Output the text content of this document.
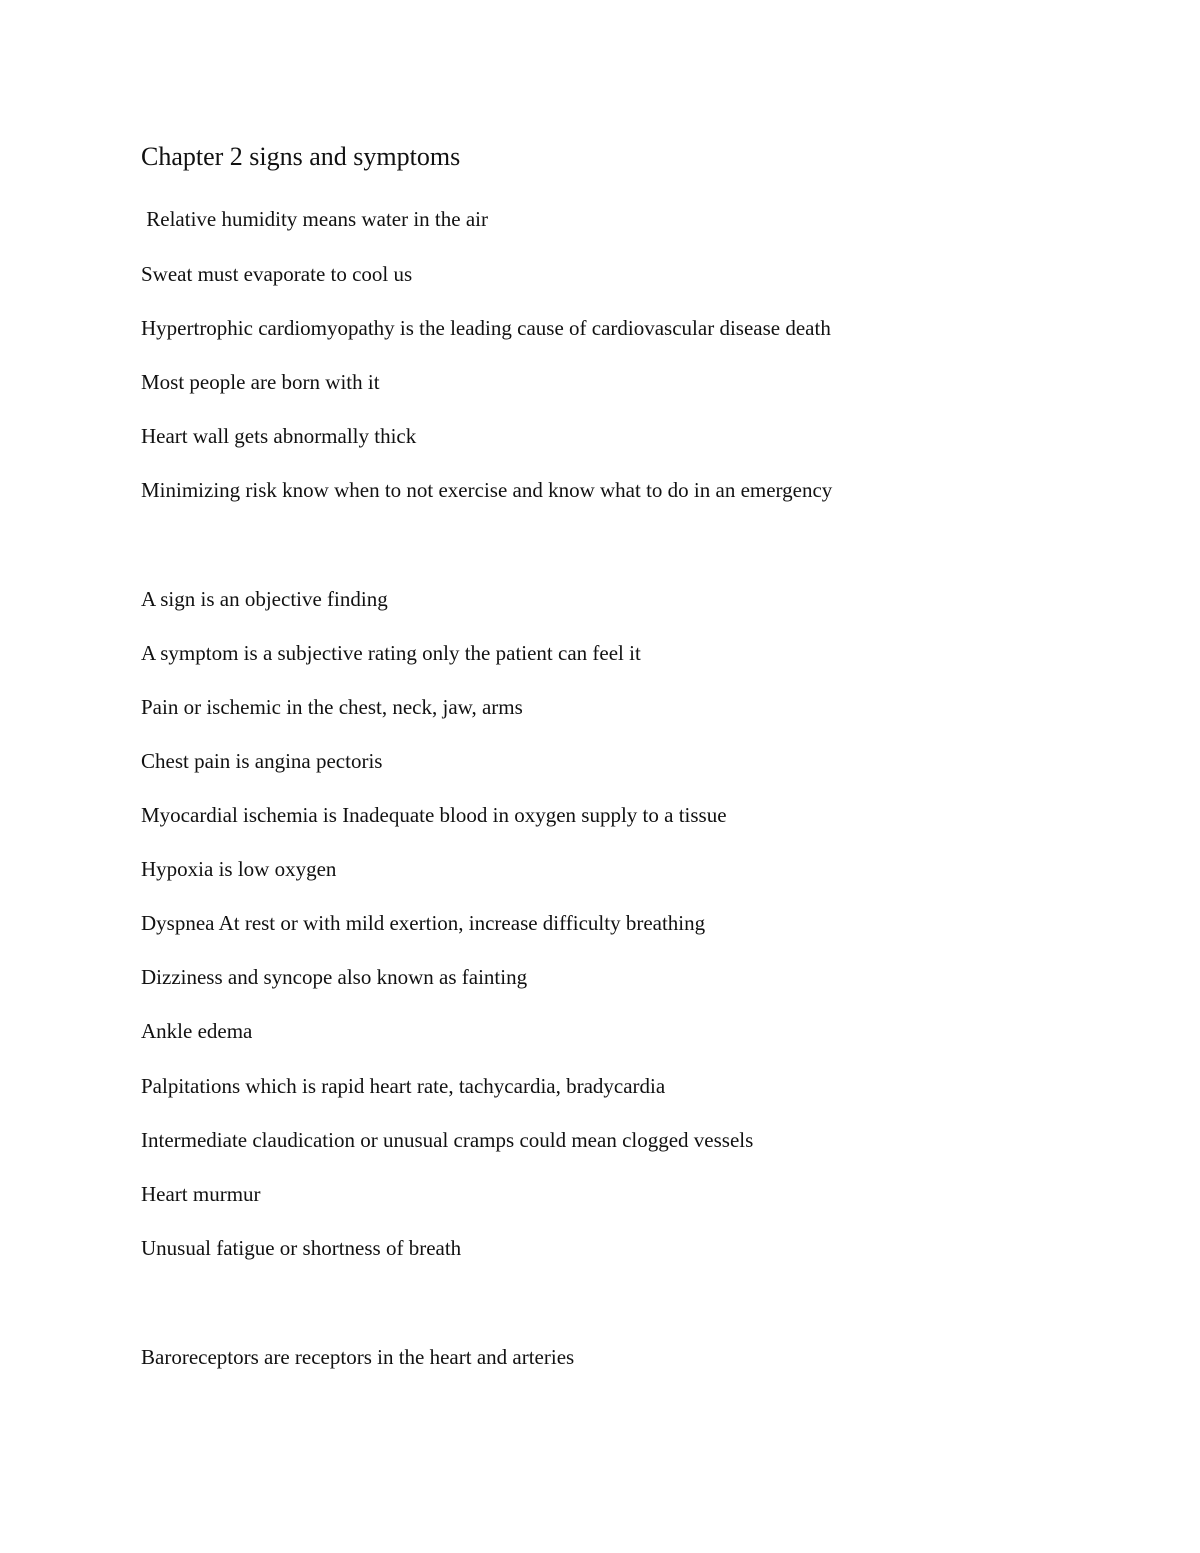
Chapter 2 signs and symptoms

Relative humidity means water in the air

Sweat must evaporate to cool us

Hypertrophic cardiomyopathy is the leading cause of cardiovascular disease death

Most people are born with it

Heart wall gets abnormally thick

Minimizing risk know when to not exercise and know what to do in an emergency

A sign is an objective finding

A symptom is a subjective rating only the patient can feel it

Pain or ischemic in the chest, neck, jaw, arms

Chest pain is angina pectoris

Myocardial ischemia is Inadequate blood in oxygen supply to a tissue

Hypoxia is low oxygen

Dyspnea At rest or with mild exertion, increase difficulty breathing

Dizziness and syncope also known as fainting

Ankle edema

Palpitations which is rapid heart rate, tachycardia, bradycardia

Intermediate claudication or unusual cramps could mean clogged vessels

Heart murmur

Unusual fatigue or shortness of breath

Baroreceptors are receptors in the heart and arteries
